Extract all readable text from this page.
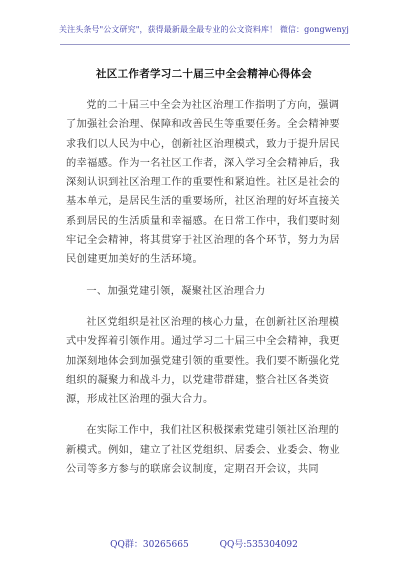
关注头条号"公文研究"，获得最新最全最专业的公文资料库！ 微信：gongwenyj
社区工作者学习二十届三中全会精神心得体会

党的二十届三中全会为社区治理工作指明了方向，强调了加强社会治理、保障和改善民生等重要任务。全会精神要求我们以人民为中心，创新社区治理模式，致力于提升居民的幸福感。作为一名社区工作者，深入学习全会精神后，我深刻认识到社区治理工作的重要性和紧迫性。社区是社会的基本单元，是居民生活的重要场所，社区治理的好坏直接关系到居民的生活质量和幸福感。在日常工作中，我们要时刻牢记全会精神，将其贯穿于社区治理的各个环节，努力为居民创建更加美好的生活环境。

一、加强党建引领，凝聚社区治理合力

社区党组织是社区治理的核心力量，在创新社区治理模式中发挥着引领作用。通过学习二十届三中全会精神，我更加深刻地体会到加强党建引领的重要性。我们要不断强化党组织的凝聚力和战斗力，以党建带群建，整合社区各类资源，形成社区治理的强大合力。

在实际工作中，我们社区积极探索党建引领社区治理的新模式。例如，建立了社区党组织、居委会、业委会、物业公司等多方参与的联席会议制度，定期召开会议，共同

QQ群：30265665	QQ号:535304092
